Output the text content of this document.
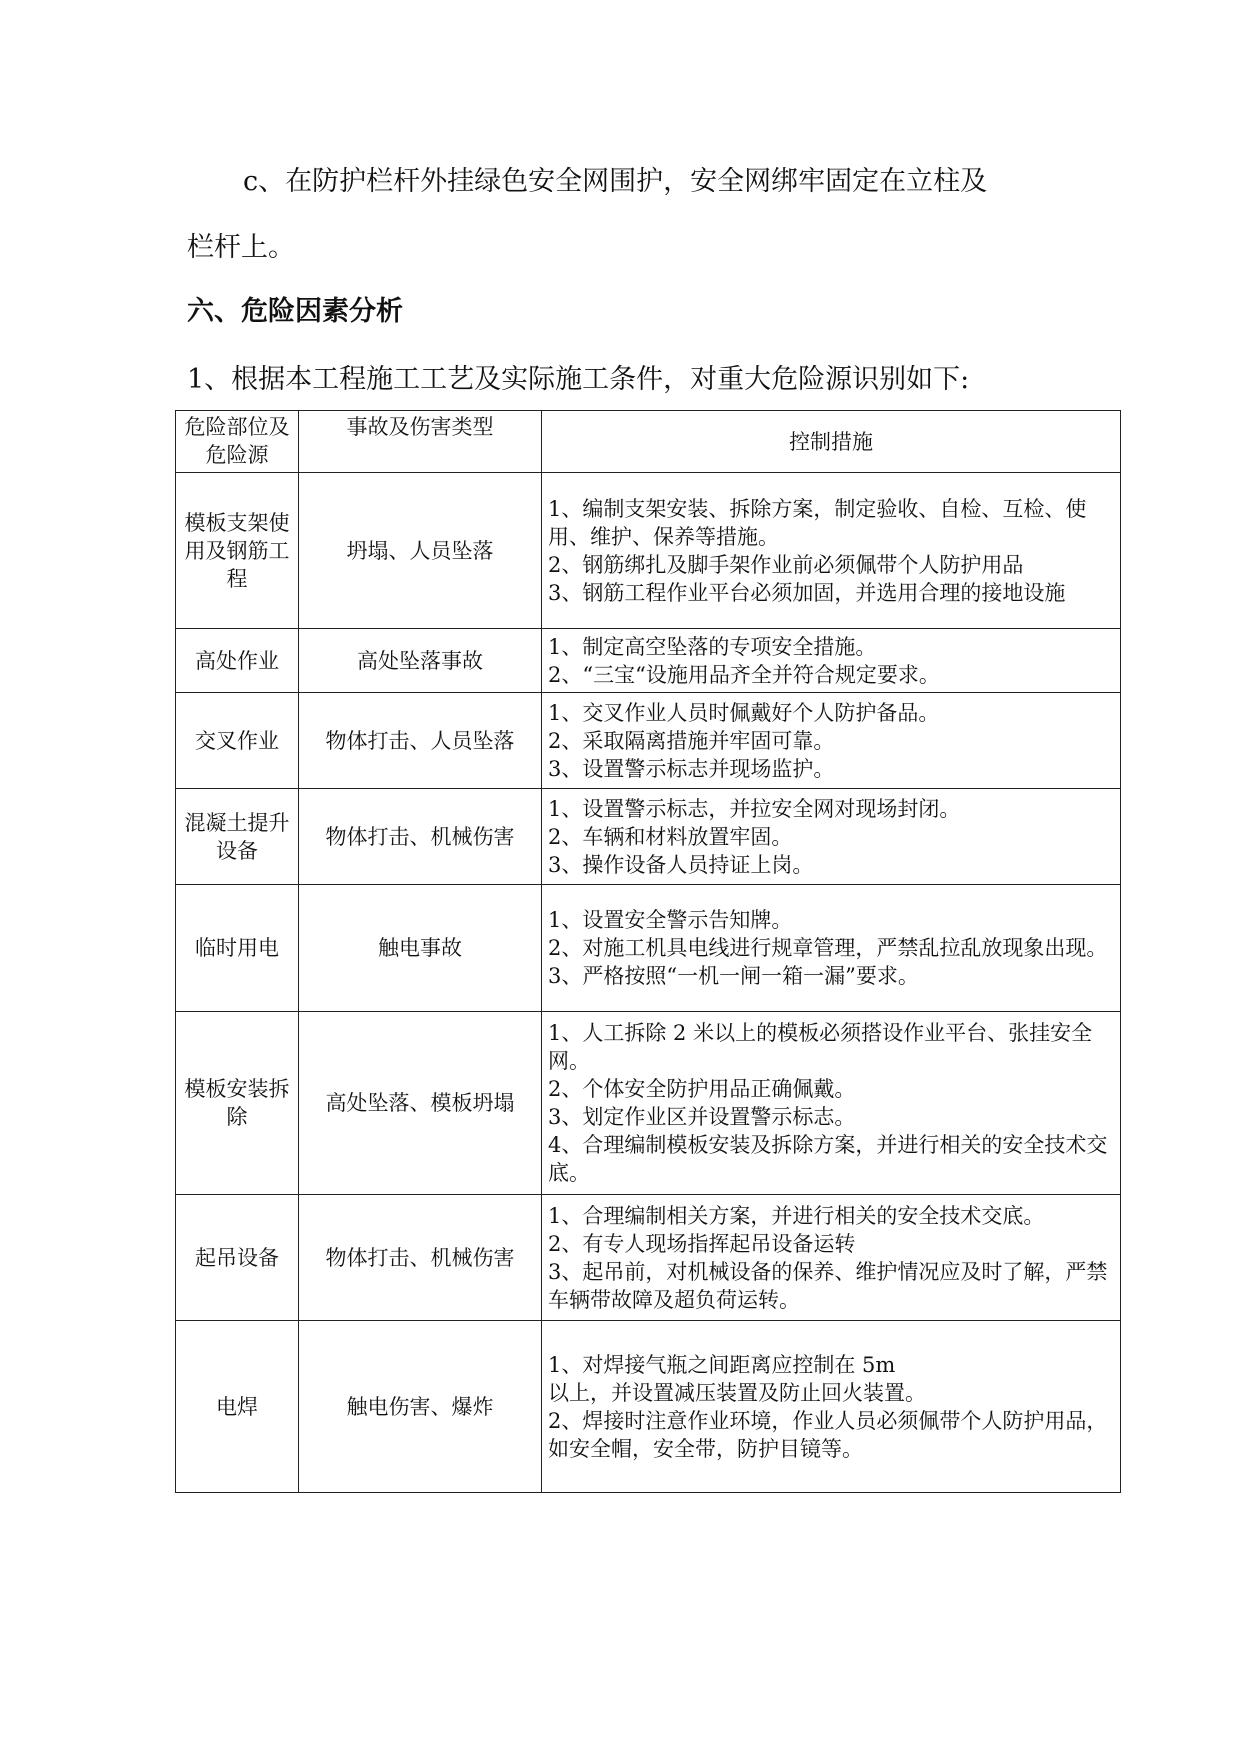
c、在防护栏杆外挂绿色安全网围护，安全网绑牢固定在立柱及
栏杆上。
六、危险因素分析
1、根据本工程施工工艺及实际施工条件，对重大危险源识别如下:
危险部位及危险源	事故及伤害类型	控制措施
模板支架使用及钢筋工程	坍塌、人员坠落	1、编制支架安装、拆除方案，制定验收、自检、互检、使用、维护、保养等措施。
2、钢筋绑扎及脚手架作业前必须佩带个人防护用品
3、钢筋工程作业平台必须加固，并选用合理的接地设施

高处作业	高处坠落事故	1、制定高空坠落的专项安全措施。
2、“三宝“设施用品齐全并符合规定要求。

交叉作业	物体打击、人员坠落	1、交叉作业人员时佩戴好个人防护备品。
2、采取隔离措施并牢固可靠。
3、设置警示标志并现场监护。

混凝土提升设备	物体打击、机械伤害	1、设置警示标志，并拉安全网对现场封闭。
2、车辆和材料放置牢固。
3、操作设备人员持证上岗。

临时用电	触电事故	1、设置安全警示告知牌。
2、对施工机具电线进行规章管理，严禁乱拉乱放现象出现。
3、严格按照“一机一闸一箱一漏”要求。

模板安装拆除	高处坠落、模板坍塌	1、人工拆除 2 米以上的模板必须搭设作业平台、张挂安全网。
2、个体安全防护用品正确佩戴。
3、划定作业区并设置警示标志。
4、合理编制模板安装及拆除方案，并进行相关的安全技术交底。

起吊设备	物体打击、机械伤害	1、合理编制相关方案，并进行相关的安全技术交底。
2、有专人现场指挥起吊设备运转
3、起吊前，对机械设备的保养、维护情况应及时了解，严禁车辆带故障及超负荷运转。

电焊	触电伤害、爆炸	1、对焊接气瓶之间距离应控制在 5m
以上，并设置减压装置及防止回火装置。
2、焊接时注意作业环境，作业人员必须佩带个人防护用品，如安全帽，安全带，防护目镜等。
